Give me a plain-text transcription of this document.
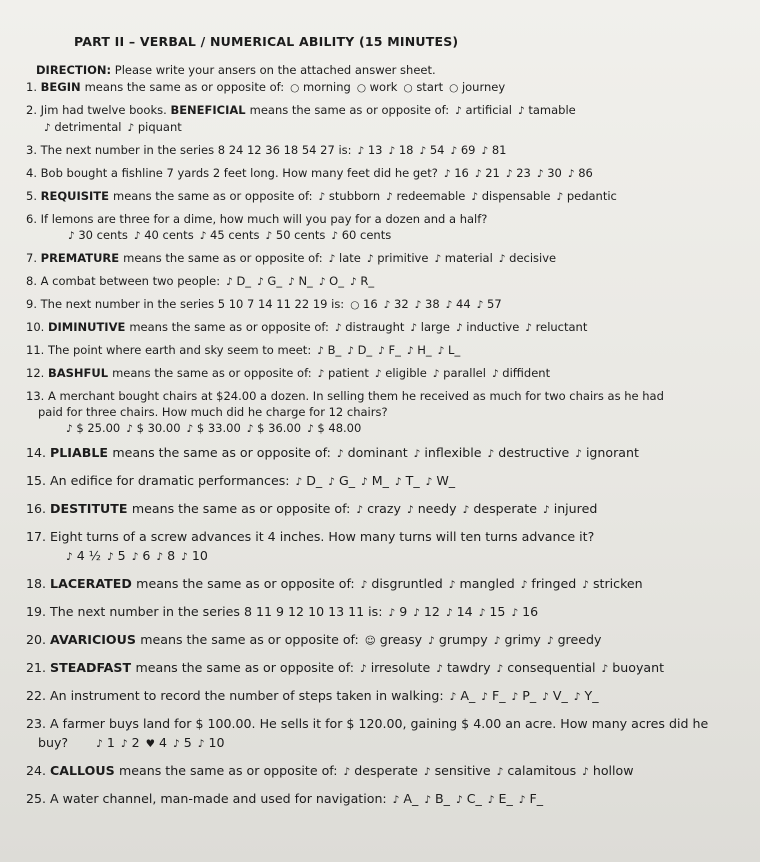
PART II – VERBAL / NUMERICAL ABILITY (15 MINUTES)
DIRECTION: Please write your ansers on the attached answer sheet.
1. BEGIN means the same as or opposite of: ○ morning ○ work ○ start ○ journey
2. Jim had twelve books. BENEFICIAL means the same as or opposite of: ♪ artificial ♪ tamable
♪ detrimental ♪ piquant
3. The next number in the series 8 24 12 36 18 54 27 is: ♪ 13 ♪ 18 ♪ 54 ♪ 69 ♪ 81
4. Bob bought a fishline 7 yards 2 feet long. How many feet did he get? ♪ 16 ♪ 21 ♪ 23 ♪ 30 ♪ 86
5. REQUISITE means the same as or opposite of: ♪ stubborn ♪ redeemable ♪ dispensable ♪ pedantic
6. If lemons are three for a dime, how much will you pay for a dozen and a half?
♪ 30 cents ♪ 40 cents ♪ 45 cents ♪ 50 cents ♪ 60 cents
7. PREMATURE means the same as or opposite of: ♪ late ♪ primitive ♪ material ♪ decisive
8. A combat between two people: ♪ D_ ♪ G_ ♪ N_ ♪ O_ ♪ R_
9. The next number in the series 5 10 7 14 11 22 19 is: ○ 16 ♪ 32 ♪ 38 ♪ 44 ♪ 57
10. DIMINUTIVE means the same as or opposite of: ♪ distraught ♪ large ♪ inductive ♪ reluctant
11. The point where earth and sky seem to meet: ♪ B_ ♪ D_ ♪ F_ ♪ H_ ♪ L_
12. BASHFUL means the same as or opposite of: ♪ patient ♪ eligible ♪ parallel ♪ diffident
13. A merchant bought chairs at $24.00 a dozen. In selling them he received as much for two chairs as he had
paid for three chairs. How much did he charge for 12 chairs?
♪ $ 25.00 ♪ $ 30.00 ♪ $ 33.00 ♪ $ 36.00 ♪ $ 48.00
14. PLIABLE means the same as or opposite of: ♪ dominant ♪ inflexible ♪ destructive ♪ ignorant
15. An edifice for dramatic performances: ♪ D_ ♪ G_ ♪ M_ ♪ T_ ♪ W_
16. DESTITUTE means the same as or opposite of: ♪ crazy ♪ needy ♪ desperate ♪ injured
17. Eight turns of a screw advances it 4 inches. How many turns will ten turns advance it?
♪ 4 ½ ♪ 5 ♪ 6 ♪ 8 ♪ 10
18. LACERATED means the same as or opposite of: ♪ disgruntled ♪ mangled ♪ fringed ♪ stricken
19. The next number in the series 8 11 9 12 10 13 11 is: ♪ 9 ♪ 12 ♪ 14 ♪ 15 ♪ 16
20. AVARICIOUS means the same as or opposite of: ☺ greasy ♪ grumpy ♪ grimy ♪ greedy
21. STEADFAST means the same as or opposite of: ♪ irresolute ♪ tawdry ♪ consequential ♪ buoyant
22. An instrument to record the number of steps taken in walking: ♪ A_ ♪ F_ ♪ P_ ♪ V_ ♪ Y_
23. A farmer buys land for $ 100.00. He sells it for $ 120.00, gaining $ 4.00 an acre. How many acres did he
buy?	♪ 1 ♪ 2 ♥ 4 ♪ 5 ♪ 10
24. CALLOUS means the same as or opposite of: ♪ desperate ♪ sensitive ♪ calamitous ♪ hollow
25. A water channel, man-made and used for navigation: ♪ A_ ♪ B_ ♪ C_ ♪ E_ ♪ F_
